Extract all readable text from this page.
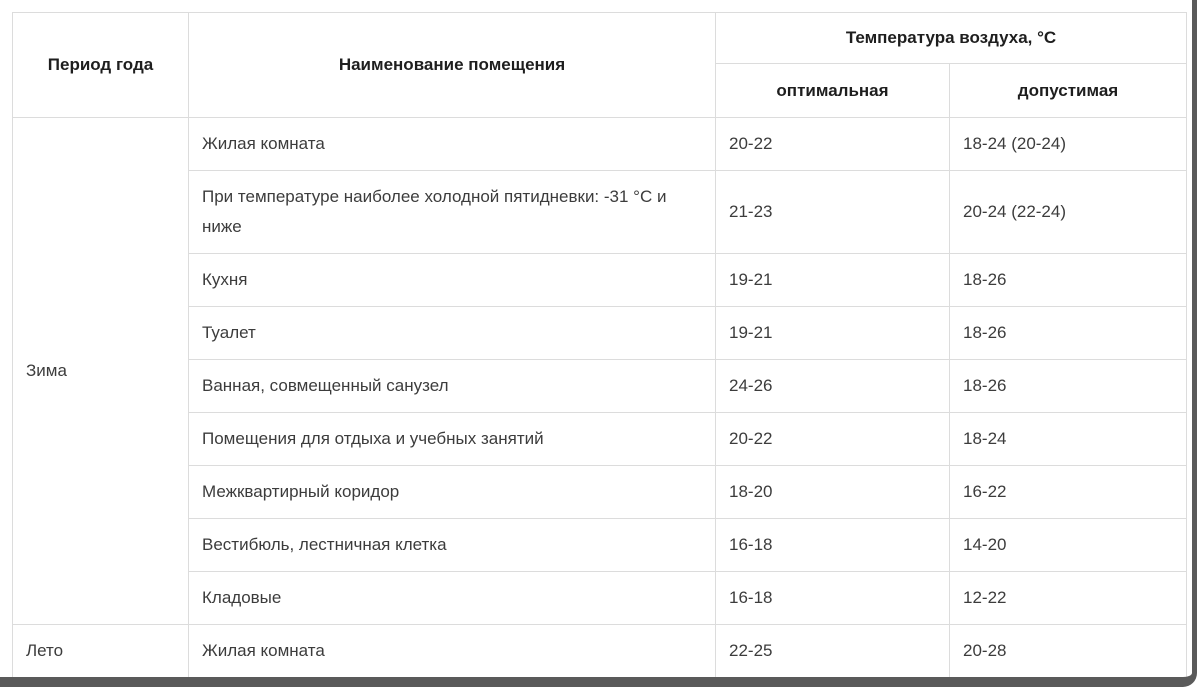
Период года	Наименование помещения	Температура воздуха, °С	
		оптимальная	допустимая
Зима	Жилая комната	20-22	18-24 (20-24)

	При температуре наиболее холодной пятидневки: -31 °С и ниже	21-23	20-24 (22-24)

	Кухня	19-21	18-26

	Туалет	19-21	18-26

	Ванная, совмещенный санузел	24-26	18-26

	Помещения для отдыха и учебных занятий	20-22	18-24

	Межквартирный коридор	18-20	16-22

	Вестибюль, лестничная клетка	16-18	14-20

	Кладовые	16-18	12-22
Лето	Жилая комната	22-25	20-28
